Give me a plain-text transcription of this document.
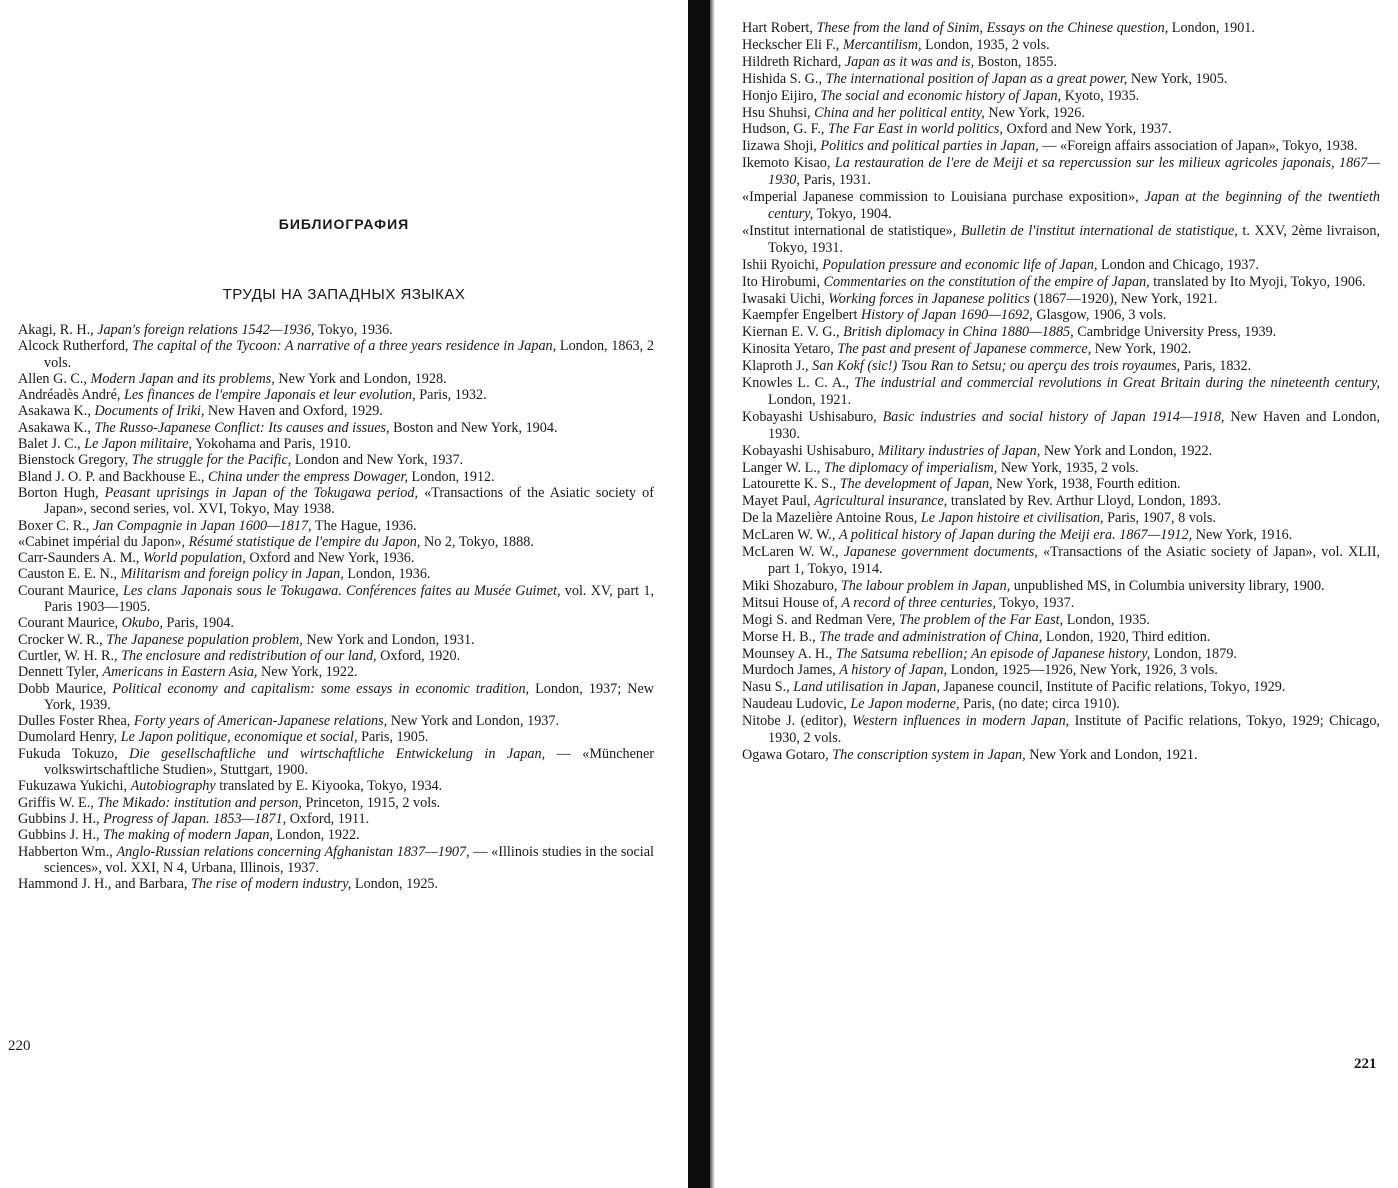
БИБЛИОГРАФИЯ
ТРУДЫ НА ЗАПАДНЫХ ЯЗЫКАХ

Akagi, R. H., Japan's foreign relations 1542—1936, Tokyo, 1936.

Alcock Rutherford, The capital of the Tycoon: A narrative of a three years residence in Japan, London, 1863, 2 vols.

Allen G. C., Modern Japan and its problems, New York and London, 1928.

Andréadès André, Les finances de l'empire Japonais et leur evolution, Paris, 1932.

Asakawa K., Documents of Iriki, New Haven and Oxford, 1929.

Asakawa K., The Russo-Japanese Conflict: Its causes and issues, Boston and New York, 1904.

Balet J. C., Le Japon militaire, Yokohama and Paris, 1910.

Bienstock Gregory, The struggle for the Pacific, London and New York, 1937.

Bland J. O. P. and Backhouse E., China under the empress Dowager, London, 1912.

Borton Hugh, Peasant uprisings in Japan of the Tokugawa period, «Transactions of the Asiatic society of Japan», second series, vol. XVI, Tokyo, May 1938.

Boxer C. R., Jan Compagnie in Japan 1600—1817, The Hague, 1936.

«Cabinet impérial du Japon», Résumé statistique de l'empire du Japon, No 2, Tokyo, 1888.

Carr-Saunders A. M., World population, Oxford and New York, 1936.

Causton E. E. N., Militarism and foreign policy in Japan, London, 1936.

Courant Maurice, Les clans Japonais sous le Tokugawa. Conférences faites au Musée Guimet, vol. XV, part 1, Paris 1903—1905.

Courant Maurice, Okubo, Paris, 1904.

Crocker W. R., The Japanese population problem, New York and London, 1931.

Curtler, W. H. R., The enclosure and redistribution of our land, Oxford, 1920.

Dennett Tyler, Americans in Eastern Asia, New York, 1922.

Dobb Maurice, Political economy and capitalism: some essays in economic tradition, London, 1937; New York, 1939.

Dulles Foster Rhea, Forty years of American-Japanese relations, New York and London, 1937.

Dumolard Henry, Le Japon politique, economique et social, Paris, 1905.

Fukuda Tokuzo, Die gesellschaftliche und wirtschaftliche Entwickelung in Japan, — «Münchener volkswirtschaftliche Studien», Stuttgart, 1900.

Fukuzawa Yukichi, Autobiography translated by E. Kiyooka, Tokyo, 1934.

Griffis W. E., The Mikado: institution and person, Princeton, 1915, 2 vols.

Gubbins J. H., Progress of Japan. 1853—1871, Oxford, 1911.

Gubbins J. H., The making of modern Japan, London, 1922.

Habberton Wm., Anglo-Russian relations concerning Afghanistan 1837—1907, — «Illinois studies in the social sciences», vol. XXI, N 4, Urbana, Illinois, 1937.

Hammond J. H., and Barbara, The rise of modern industry, London, 1925.

220

Hart Robert, These from the land of Sinim, Essays on the Chinese question, London, 1901.

Heckscher Eli F., Mercantilism, London, 1935, 2 vols.

Hildreth Richard, Japan as it was and is, Boston, 1855.

Hishida S. G., The international position of Japan as a great power, New York, 1905.

Honjo Eijiro, The social and economic history of Japan, Kyoto, 1935.

Hsu Shuhsi, China and her political entity, New York, 1926.

Hudson, G. F., The Far East in world politics, Oxford and New York, 1937.

Iizawa Shoji, Politics and political parties in Japan, — «Foreign affairs association of Japan», Tokyo, 1938.

Ikemoto Kisao, La restauration de l'ere de Meiji et sa repercussion sur les milieux agricoles japonais, 1867—1930, Paris, 1931.

«Imperial Japanese commission to Louisiana purchase exposition», Japan at the beginning of the twentieth century, Tokyo, 1904.

«Institut international de statistique», Bulletin de l'institut international de statistique, t. XXV, 2ème livraison, Tokyo, 1931.

Ishii Ryoichi, Population pressure and economic life of Japan, London and Chicago, 1937.

Ito Hirobumi, Commentaries on the constitution of the empire of Japan, translated by Ito Myoji, Tokyo, 1906.

Iwasaki Uichi, Working forces in Japanese politics (1867—1920), New York, 1921.

Kaempfer Engelbert History of Japan 1690—1692, Glasgow, 1906, 3 vols.

Kiernan E. V. G., British diplomacy in China 1880—1885, Cambridge University Press, 1939.

Kinosita Yetaro, The past and present of Japanese commerce, New York, 1902.

Klaproth J., San Kokf (sic!) Tsou Ran to Setsu; ou aperçu des trois royaumes, Paris, 1832.

Knowles L. C. A., The industrial and commercial revolutions in Great Britain during the nineteenth century, London, 1921.

Kobayashi Ushisaburo, Basic industries and social history of Japan 1914—1918, New Haven and London, 1930.

Kobayashi Ushisaburo, Military industries of Japan, New York and London, 1922.

Langer W. L., The diplomacy of imperialism, New York, 1935, 2 vols.

Latourette K. S., The development of Japan, New York, 1938, Fourth edition.

Mayet Paul, Agricultural insurance, translated by Rev. Arthur Lloyd, London, 1893.

De la Mazelière Antoine Rous, Le Japon histoire et civilisation, Paris, 1907, 8 vols.

McLaren W. W., A political history of Japan during the Meiji era. 1867—1912, New York, 1916.

McLaren W. W., Japanese government documents, «Transactions of the Asiatic society of Japan», vol. XLII, part 1, Tokyo, 1914.

Miki Shozaburo, The labour problem in Japan, unpublished MS, in Columbia university library, 1900.

Mitsui House of, A record of three centuries, Tokyo, 1937.

Mogi S. and Redman Vere, The problem of the Far East, London, 1935.

Morse H. B., The trade and administration of China, London, 1920, Third edition.

Mounsey A. H., The Satsuma rebellion; An episode of Japanese history, London, 1879.

Murdoch James, A history of Japan, London, 1925—1926, New York, 1926, 3 vols.

Nasu S., Land utilisation in Japan, Japanese council, Institute of Pacific relations, Tokyo, 1929.

Naudeau Ludovic, Le Japon moderne, Paris, (no date; circa 1910).

Nitobe J. (editor), Western influences in modern Japan, Institute of Pacific relations, Tokyo, 1929; Chicago, 1930, 2 vols.

Ogawa Gotaro, The conscription system in Japan, New York and London, 1921.

221
